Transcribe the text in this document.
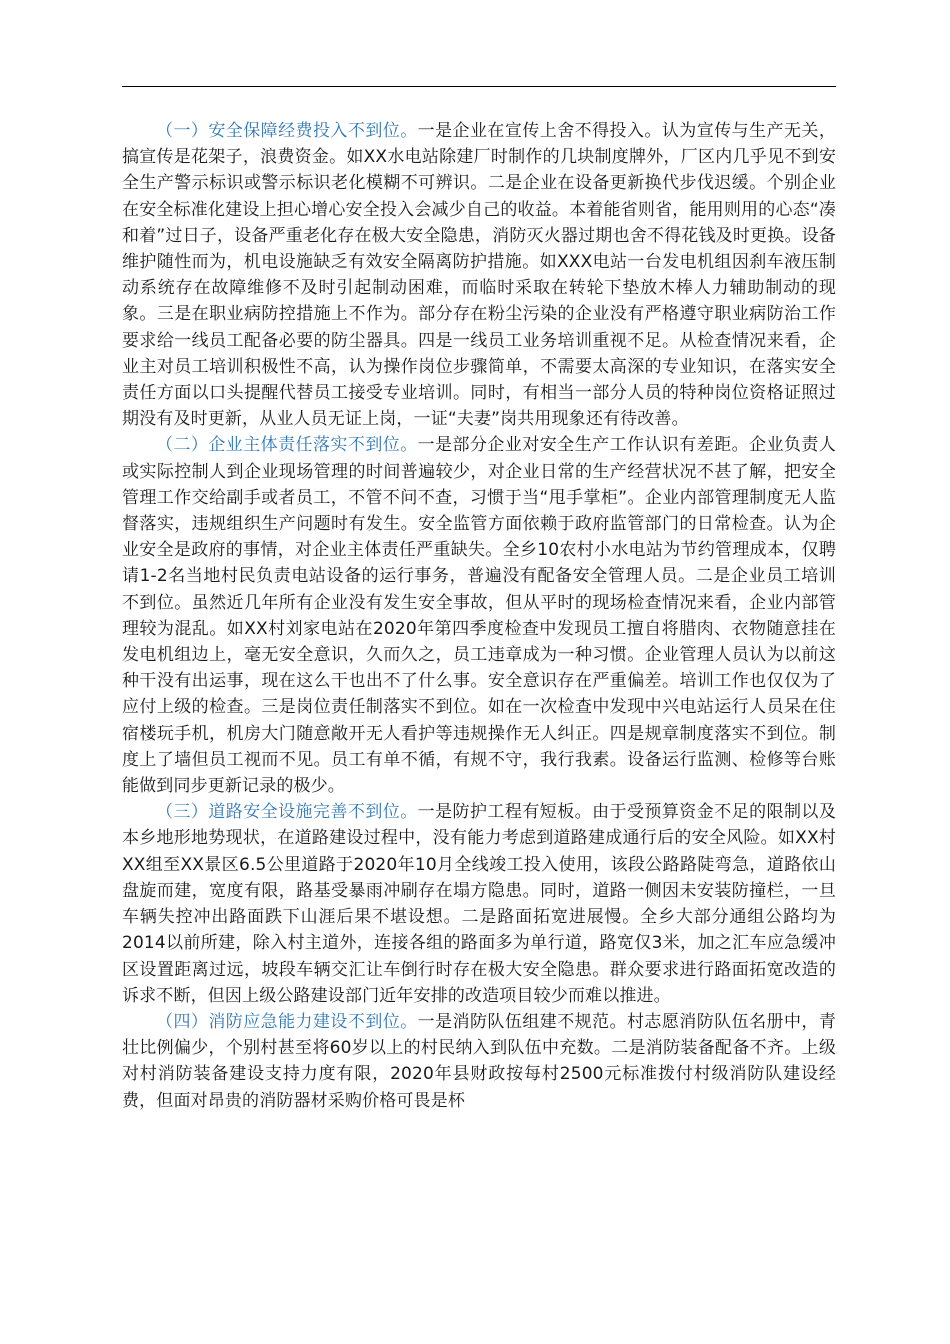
（一）安全保障经费投入不到位。一是企业在宣传上舍不得投入。认为宣传与生产无关，搞宣传是花架子，浪费资金。如XX水电站除建厂时制作的几块制度牌外，厂区内几乎见不到安全生产警示标识或警示标识老化模糊不可辨识。二是企业在设备更新换代步伐迟缓。个别企业在安全标准化建设上担心增心安全投入会减少自己的收益。本着能省则省，能用则用的心态“凑和着”过日子，设备严重老化存在极大安全隐患，消防灭火器过期也舍不得花钱及时更换。设备维护随性而为，机电设施缺乏有效安全隔离防护措施。如XXX电站一台发电机组因刹车液压制动系统存在故障维修不及时引起制动困难，而临时采取在转轮下垫放木棒人力辅助制动的现象。三是在职业病防控措施上不作为。部分存在粉尘污染的企业没有严格遵守职业病防治工作要求给一线员工配备必要的防尘器具。四是一线员工业务培训重视不足。从检查情况来看，企业主对员工培训积极性不高，认为操作岗位步骤简单，不需要太高深的专业知识，在落实安全责任方面以口头提醒代替员工接受专业培训。同时，有相当一部分人员的特种岗位资格证照过期没有及时更新，从业人员无证上岗，一证“夫妻”岗共用现象还有待改善。

（二）企业主体责任落实不到位。一是部分企业对安全生产工作认识有差距。企业负责人或实际控制人到企业现场管理的时间普遍较少，对企业日常的生产经营状况不甚了解，把安全管理工作交给副手或者员工，不管不问不查，习惯于当“甩手掌柜”。企业内部管理制度无人监督落实，违规组织生产问题时有发生。安全监管方面依赖于政府监管部门的日常检查。认为企业安全是政府的事情，对企业主体责任严重缺失。全乡10农村小水电站为节约管理成本，仅聘请1-2名当地村民负责电站设备的运行事务，普遍没有配备安全管理人员。二是企业员工培训不到位。虽然近几年所有企业没有发生安全事故，但从平时的现场检查情况来看，企业内部管理较为混乱。如XX村刘家电站在2020年第四季度检查中发现员工擅自将腊肉、衣物随意挂在发电机组边上，毫无安全意识，久而久之，员工违章成为一种习惯。企业管理人员认为以前这种干没有出运事，现在这么干也出不了什么事。安全意识存在严重偏差。培训工作也仅仅为了应付上级的检查。三是岗位责任制落实不到位。如在一次检查中发现中兴电站运行人员呆在住宿楼玩手机，机房大门随意敞开无人看护等违规操作无人纠正。四是规章制度落实不到位。制度上了墙但员工视而不见。员工有单不循，有规不守，我行我素。设备运行监测、检修等台账能做到同步更新记录的极少。

（三）道路安全设施完善不到位。一是防护工程有短板。由于受预算资金不足的限制以及本乡地形地势现状，在道路建设过程中，没有能力考虑到道路建成通行后的安全风险。如XX村XX组至XX景区6.5公里道路于2020年10月全线竣工投入使用，该段公路路陡弯急，道路依山盘旋而建，宽度有限，路基受暴雨冲刷存在塌方隐患。同时，道路一侧因未安装防撞栏，一旦车辆失控冲出路面跌下山涯后果不堪设想。二是路面拓宽进展慢。全乡大部分通组公路均为2014以前所建，除入村主道外，连接各组的路面多为单行道，路宽仅3米，加之汇车应急缓冲区设置距离过远，坡段车辆交汇让车倒行时存在极大安全隐患。群众要求进行路面拓宽改造的诉求不断，但因上级公路建设部门近年安排的改造项目较少而难以推进。

（四）消防应急能力建设不到位。一是消防队伍组建不规范。村志愿消防队伍名册中，青壮比例偏少，个别村甚至将60岁以上的村民纳入到队伍中充数。二是消防装备配备不齐。上级对村消防装备建设支持力度有限，2020年县财政按每村2500元标准拨付村级消防队建设经费，但面对昂贵的消防器材采购价格可畏是杯
